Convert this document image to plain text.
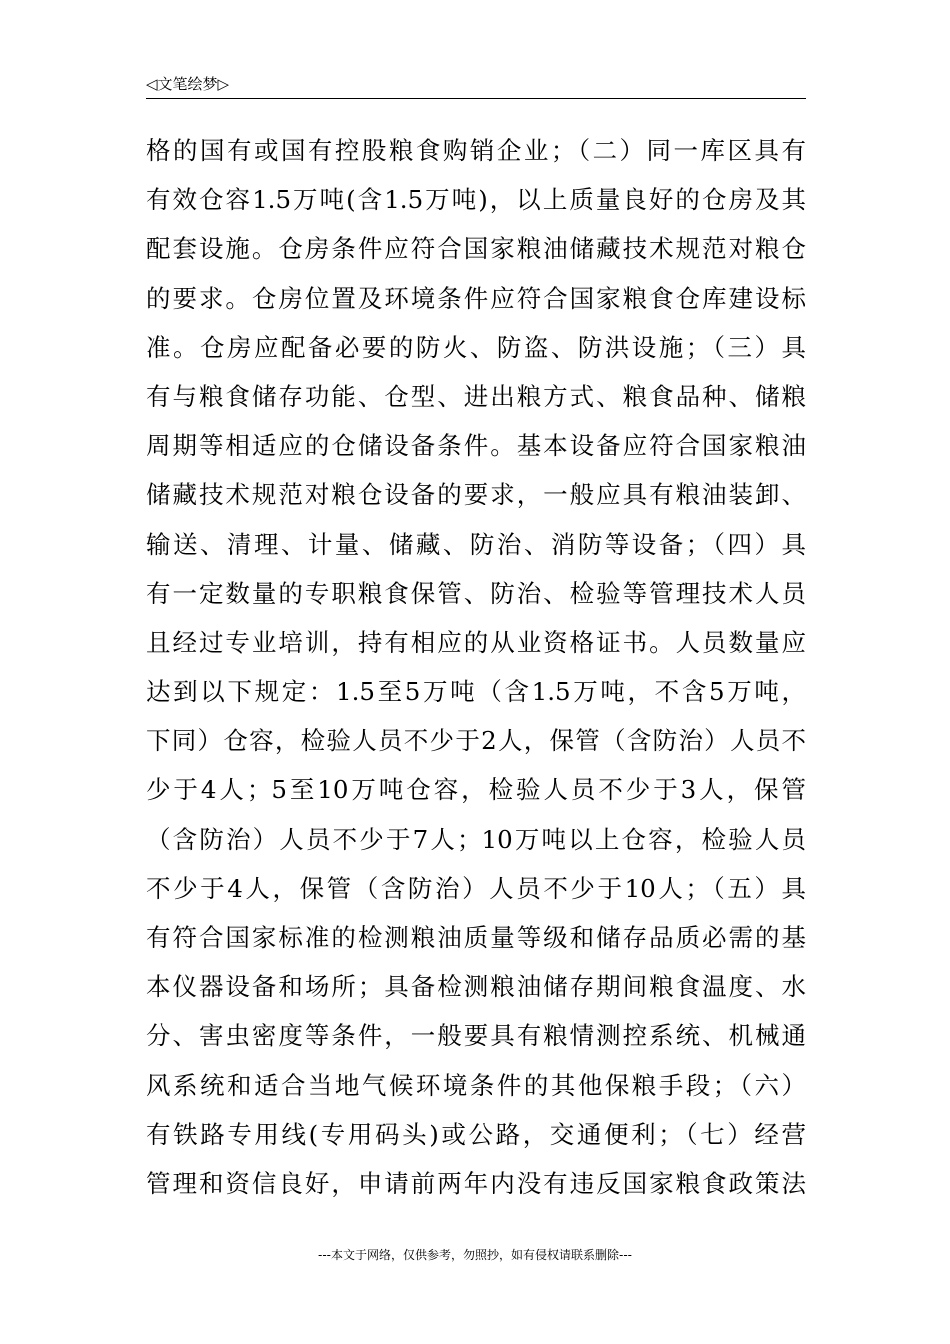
◁文笔绘梦▷
格的国有或国有控股粮食购销企业；（二）同一库区具有
有效仓容1.5万吨(含1.5万吨)，以上质量良好的仓房及其
配套设施。仓房条件应符合国家粮油储藏技术规范对粮仓
的要求。仓房位置及环境条件应符合国家粮食仓库建设标
准。仓房应配备必要的防火、防盗、防洪设施；（三）具
有与粮食储存功能、仓型、进出粮方式、粮食品种、储粮
周期等相适应的仓储设备条件。基本设备应符合国家粮油
储藏技术规范对粮仓设备的要求，一般应具有粮油装卸、
输送、清理、计量、储藏、防治、消防等设备；（四）具
有一定数量的专职粮食保管、防治、检验等管理技术人员
且经过专业培训，持有相应的从业资格证书。人员数量应
达到以下规定：1.5至5万吨（含1.5万吨，不含5万吨，
下同）仓容，检验人员不少于2人，保管（含防治）人员不
少于4人；5至10万吨仓容，检验人员不少于3人，保管
（含防治）人员不少于7人；10万吨以上仓容，检验人员
不少于4人，保管（含防治）人员不少于10人；（五）具
有符合国家标准的检测粮油质量等级和储存品质必需的基
本仪器设备和场所；具备检测粮油储存期间粮食温度、水
分、害虫密度等条件，一般要具有粮情测控系统、机械通
风系统和适合当地气候环境条件的其他保粮手段；（六）
有铁路专用线(专用码头)或公路，交通便利；（七）经营
管理和资信良好，申请前两年内没有违反国家粮食政策法
---本文于网络，仅供参考，勿照抄，如有侵权请联系删除---
